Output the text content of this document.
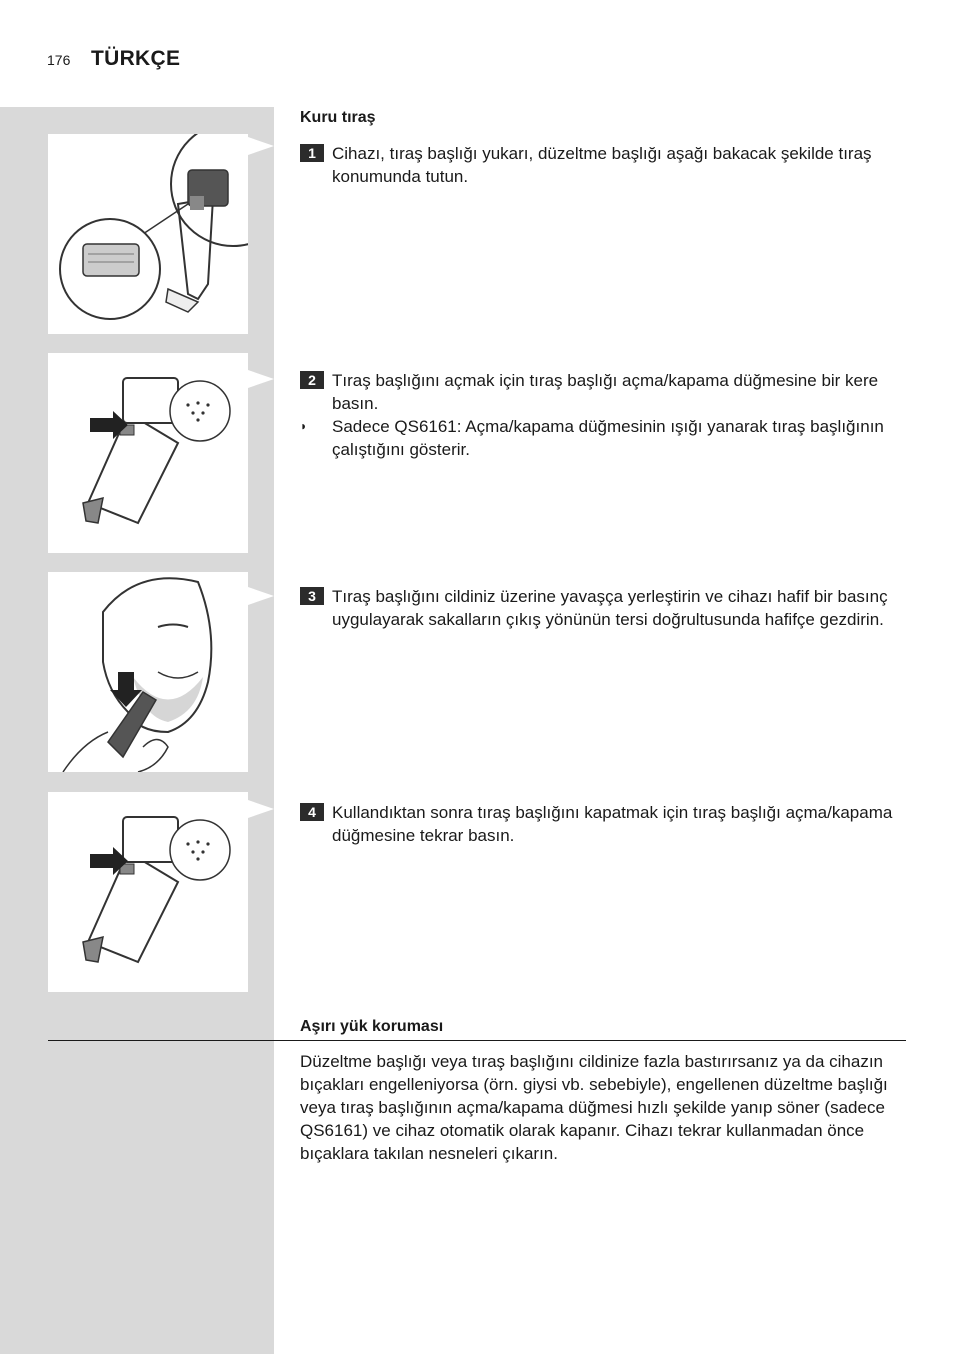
176 TÜRKÇE
Kuru tıraş
1 Cihazı, tıraş başlığı yukarı, düzeltme başlığı aşağı bakacak şekilde tıraş konumunda tutun.
2 Tıraş başlığını açmak için tıraş başlığı açma/kapama düğmesine bir kere basın.
◗ Sadece QS6161: Açma/kapama düğmesinin ışığı yanarak tıraş başlığının çalıştığını gösterir.
3 Tıraş başlığını cildiniz üzerine yavaşça yerleştirin ve cihazı hafif bir basınç uygulayarak sakalların çıkış yönünün tersi doğrultusunda hafifçe gezdirin.
4 Kullandıktan sonra tıraş başlığını kapatmak için tıraş başlığı açma/kapama düğmesine tekrar basın.
Aşırı yük koruması
Düzeltme başlığı veya tıraş başlığını cildinize fazla bastırırsanız ya da cihazın bıçakları engelleniyorsa (örn. giysi vb. sebebiyle), engellenen düzeltme başlığı veya tıraş başlığının açma/kapama düğmesi hızlı şekilde yanıp söner (sadece QS6161) ve cihaz otomatik olarak kapanır. Cihazı tekrar kullanmadan önce bıçaklara takılan nesneleri çıkarın.
